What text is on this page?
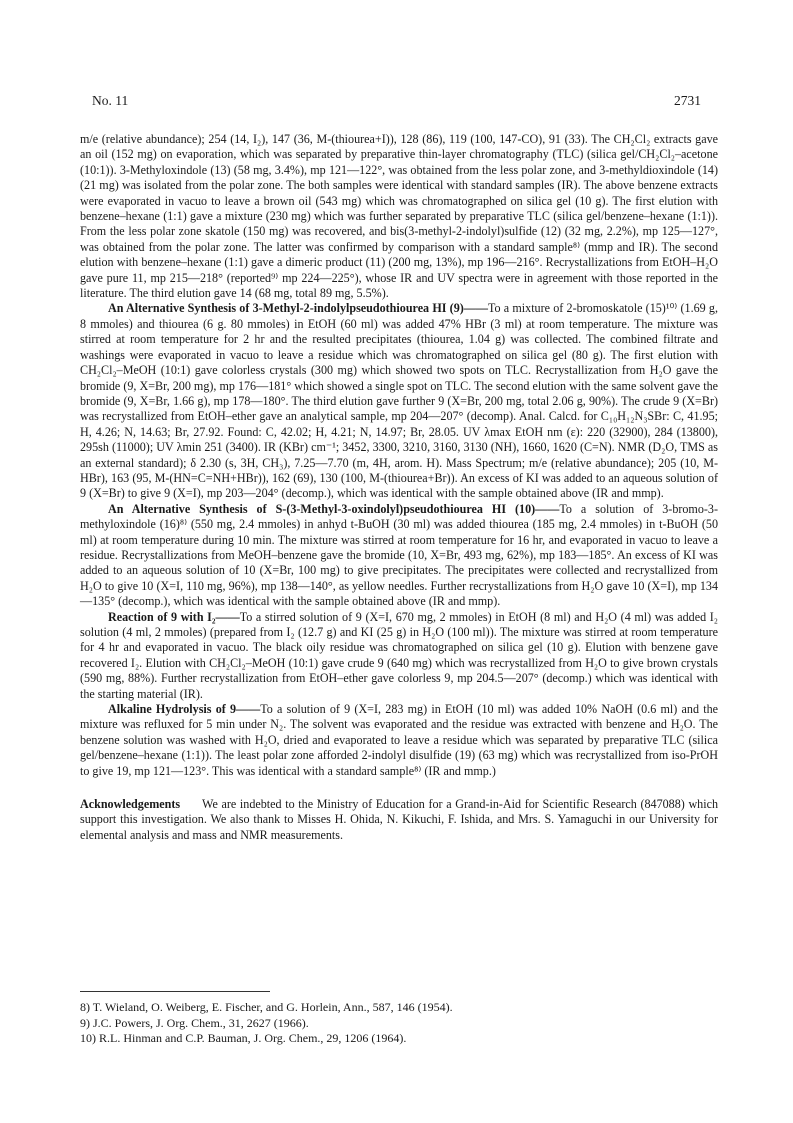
No. 11	2731

m/e (relative abundance); 254 (14, I₂), 147 (36, M-(thiourea+I)), 128 (86), 119 (100, 147-CO), 91 (33). The CH₂Cl₂ extracts gave an oil (152 mg) on evaporation, which was separated by preparative thin-layer chromatography (TLC) (silica gel/CH₂Cl₂–acetone (10:1)). 3-Methyloxindole (13) (58 mg, 3.4%), mp 121—122°, was obtained from the less polar zone, and 3-methyldioxindole (14) (21 mg) was isolated from the polar zone. The both samples were identical with standard samples (IR). The above benzene extracts were evaporated in vacuo to leave a brown oil (543 mg) which was chromatographed on silica gel (10 g). The first elution with benzene–hexane (1:1) gave a mixture (230 mg) which was further separated by preparative TLC (silica gel/benzene–hexane (1:1)). From the less polar zone skatole (150 mg) was recovered, and bis(3-methyl-2-indolyl)sulfide (12) (32 mg, 2.2%), mp 125—127°, was obtained from the polar zone. The latter was confirmed by comparison with a standard sample⁸⁾ (mmp and IR). The second elution with benzene–hexane (1:1) gave a dimeric product (11) (200 mg, 13%), mp 196—216°. Recrystallizations from EtOH–H₂O gave pure 11, mp 215—218° (reported⁹⁾ mp 224—225°), whose IR and UV spectra were in agreement with those reported in the literature. The third elution gave 14 (68 mg, total 89 mg, 5.5%).

An Alternative Synthesis of 3-Methyl-2-indolylpseudothiourea HI (9)——To a mixture of 2-bromoskatole (15)¹⁰⁾ (1.69 g, 8 mmoles) and thiourea (6 g. 80 mmoles) in EtOH (60 ml) was added 47% HBr (3 ml) at room temperature. The mixture was stirred at room temperature for 2 hr and the resulted precipitates (thiourea, 1.04 g) was collected. The combined filtrate and washings were evaporated in vacuo to leave a residue which was chromatographed on silica gel (80 g). The first elution with CH₂Cl₂–MeOH (10:1) gave colorless crystals (300 mg) which showed two spots on TLC. Recrystallization from H₂O gave the bromide (9, X=Br, 200 mg), mp 176—181° which showed a single spot on TLC. The second elution with the same solvent gave the bromide (9, X=Br, 1.66 g), mp 178—180°. The third elution gave further 9 (X=Br, 200 mg, total 2.06 g, 90%). The crude 9 (X=Br) was recrystallized from EtOH–ether gave an analytical sample, mp 204—207° (decomp). Anal. Calcd. for C₁₀H₁₂N₃SBr: C, 41.95; H, 4.26; N, 14.63; Br, 27.92. Found: C, 42.02; H, 4.21; N, 14.97; Br, 28.05. UV λmax EtOH nm (ε): 220 (32900), 284 (13800), 295sh (11000); UV λmin 251 (3400). IR (KBr) cm⁻¹; 3452, 3300, 3210, 3160, 3130 (NH), 1660, 1620 (C=N). NMR (D₂O, TMS as an external standard); δ 2.30 (s, 3H, CH₃), 7.25—7.70 (m, 4H, arom. H). Mass Spectrum; m/e (relative abundance); 205 (10, M-HBr), 163 (95, M-(HN=C=NH+HBr)), 162 (69), 130 (100, M-(thiourea+Br)). An excess of KI was added to an aqueous solution of 9 (X=Br) to give 9 (X=I), mp 203—204° (decomp.), which was identical with the sample obtained above (IR and mmp).

An Alternative Synthesis of S-(3-Methyl-3-oxindolyl)pseudothiourea HI (10)——To a solution of 3-bromo-3-methyloxindole (16)⁸⁾ (550 mg, 2.4 mmoles) in anhyd t-BuOH (30 ml) was added thiourea (185 mg, 2.4 mmoles) in t-BuOH (50 ml) at room temperature during 10 min. The mixture was stirred at room temperature for 16 hr, and evaporated in vacuo to leave a residue. Recrystallizations from MeOH–benzene gave the bromide (10, X=Br, 493 mg, 62%), mp 183—185°. An excess of KI was added to an aqueous solution of 10 (X=Br, 100 mg) to give precipitates. The precipitates were collected and recrystallized from H₂O to give 10 (X=I, 110 mg, 96%), mp 138—140°, as yellow needles. Further recrystallizations from H₂O gave 10 (X=I), mp 134—135° (decomp.), which was identical with the sample obtained above (IR and mmp).

Reaction of 9 with I₂——To a stirred solution of 9 (X=I, 670 mg, 2 mmoles) in EtOH (8 ml) and H₂O (4 ml) was added I₂ solution (4 ml, 2 mmoles) (prepared from I₂ (12.7 g) and KI (25 g) in H₂O (100 ml)). The mixture was stirred at room temperature for 4 hr and evaporated in vacuo. The black oily residue was chromatographed on silica gel (10 g). Elution with benzene gave recovered I₂. Elution with CH₂Cl₂–MeOH (10:1) gave crude 9 (640 mg) which was recrystallized from H₂O to give brown crystals (590 mg, 88%). Further recrystallization from EtOH–ether gave colorless 9, mp 204.5—207° (decomp.) which was identical with the starting material (IR).

Alkaline Hydrolysis of 9——To a solution of 9 (X=I, 283 mg) in EtOH (10 ml) was added 10% NaOH (0.6 ml) and the mixture was refluxed for 5 min under N₂. The solvent was evaporated and the residue was extracted with benzene and H₂O. The benzene solution was washed with H₂O, dried and evaporated to leave a residue which was separated by preparative TLC (silica gel/benzene–hexane (1:1)). The least polar zone afforded 2-indolyl disulfide (19) (63 mg) which was recrystallized from iso-PrOH to give 19, mp 121—123°. This was identical with a standard sample⁸⁾ (IR and mmp.)

Acknowledgements We are indebted to the Ministry of Education for a Grand-in-Aid for Scientific Research (847088) which support this investigation. We also thank to Misses H. Ohida, N. Kikuchi, F. Ishida, and Mrs. S. Yamaguchi in our University for elemental analysis and mass and NMR measurements.

8) T. Wieland, O. Weiberg, E. Fischer, and G. Horlein, Ann., 587, 146 (1954).
9) J.C. Powers, J. Org. Chem., 31, 2627 (1966).
10) R.L. Hinman and C.P. Bauman, J. Org. Chem., 29, 1206 (1964).
